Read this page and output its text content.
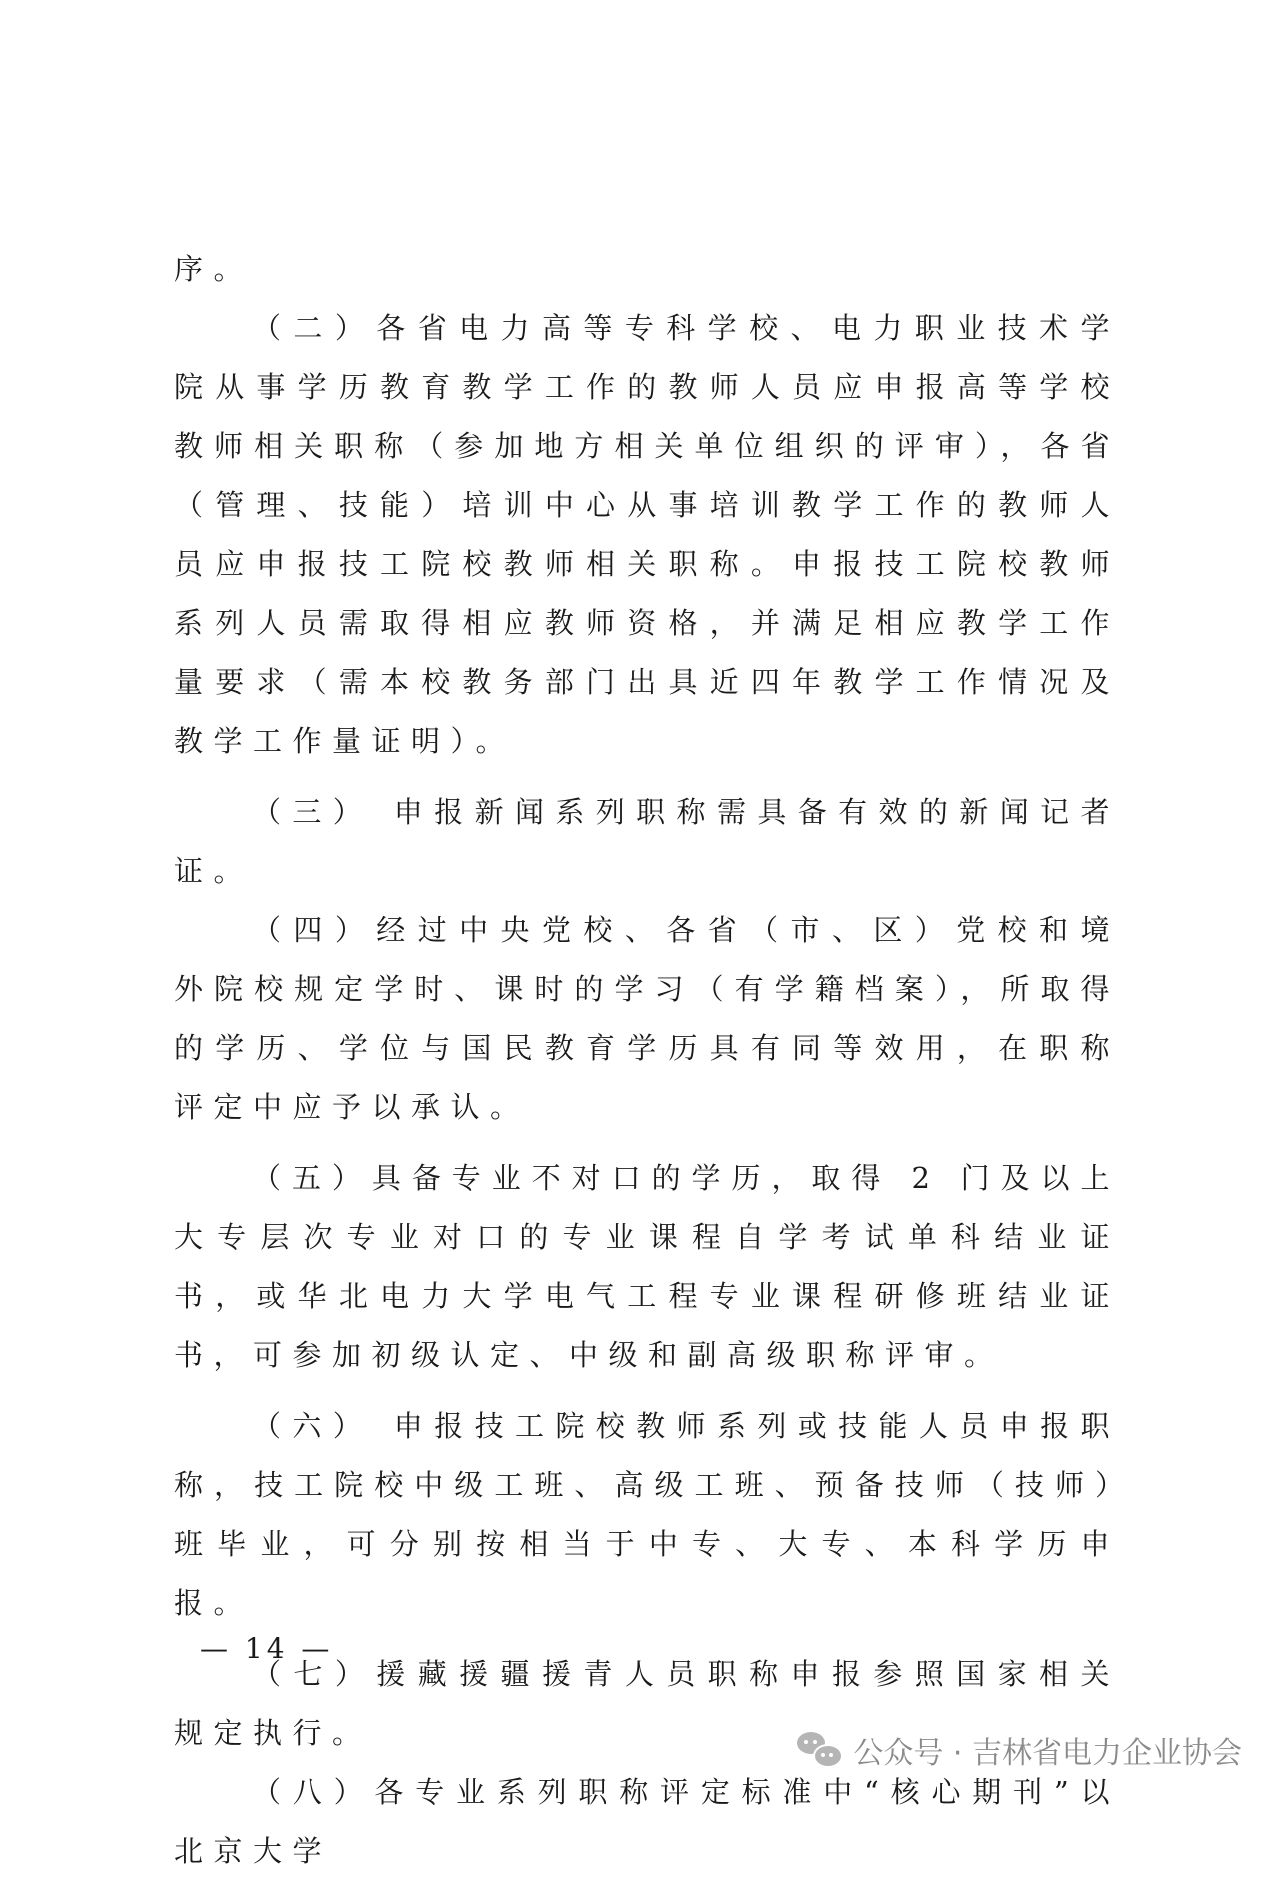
序。

（二）各省电力高等专科学校、电力职业技术学院从事学历教育教学工作的教师人员应申报高等学校教师相关职称（参加地方相关单位组织的评审），各省（管理、技能）培训中心从事培训教学工作的教师人员应申报技工院校教师相关职称。申报技工院校教师系列人员需取得相应教师资格，并满足相应教学工作量要求（需本校教务部门出具近四年教学工作情况及教学工作量证明）。

（三） 申报新闻系列职称需具备有效的新闻记者证。

（四）经过中央党校、各省（市、区）党校和境外院校规定学时、课时的学习（有学籍档案），所取得的学历、学位与国民教育学历具有同等效用，在职称评定中应予以承认。

（五）具备专业不对口的学历，取得 2 门及以上大专层次专业对口的专业课程自学考试单科结业证书，或华北电力大学电气工程专业课程研修班结业证书，可参加初级认定、中级和副高级职称评审。

（六） 申报技工院校教师系列或技能人员申报职称，技工院校中级工班、高级工班、预备技师（技师）班毕业，可分别按相当于中专、大专、本科学历申报。

（七）援藏援疆援青人员职称申报参照国家相关规定执行。

（八）各专业系列职称评定标准中“核心期刊”以北京大学

— 14 —
公众号 · 吉林省电力企业协会
